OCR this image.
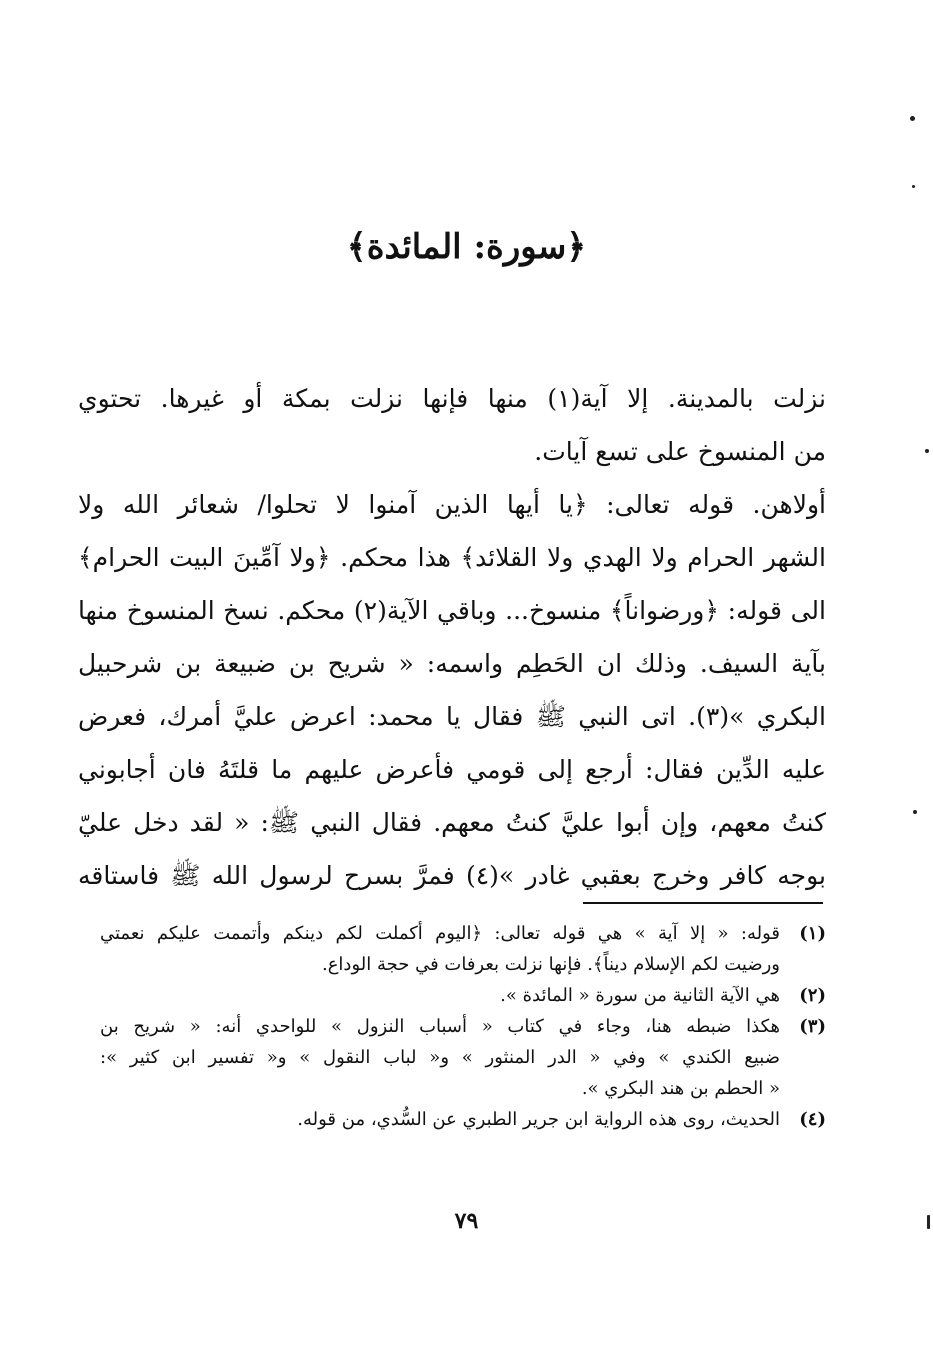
﴿سورة: المائدة﴾
نزلت بالمدينة. إلا آية(١) منها فإنها نزلت بمكة أو غيرها. تحتوي
من المنسوخ على تسع آيات.
أولاهن. قوله تعالى: ﴿يا أيها الذين آمنوا لا تحلوا/ شعائر الله ولا
الشهر الحرام ولا الهدي ولا القلائد﴾ هذا محكم. ﴿ولا آمِّينَ البيت الحرام﴾
الى قوله: ﴿ورضواناً﴾ منسوخ... وباقي الآية(٢) محكم. نسخ المنسوخ منها
بآية السيف. وذلك ان الحَطِم واسمه: « شريح بن ضبيعة بن شرحبيل
البكري »(٣). اتى النبي ﷺ فقال يا محمد: اعرض عليَّ أمرك، فعرض
عليه الدِّين فقال: أرجع إلى قومي فأعرض عليهم ما قلتَهُ فان أجابوني
كنتُ معهم، وإن أبوا عليَّ كنتُ معهم. فقال النبي ﷺ: « لقد دخل عليّ
بوجه كافر وخرج بعقبي غادر »(٤) فمرَّ بسرح لرسول الله ﷺ فاستاقه
(١)
قوله: « إلا آية » هي قوله تعالى: ﴿اليوم أكملت لكم دينكم وأتممت عليكم نعمتي
ورضيت لكم الإسلام ديناً﴾. فإنها نزلت بعرفات في حجة الوداع.
(٢)
هي الآية الثانية من سورة « المائدة ».
(٣)
هكذا ضبطه هنا، وجاء في كتاب « أسباب النزول » للواحدي أنه: « شريح بن
ضبيع الكندي » وفي « الدر المنثور » و« لباب النقول » و« تفسير ابن كثير »:
« الحطم بن هند البكري ».
(٤)
الحديث، روى هذه الرواية ابن جرير الطبري عن السُّدي، من قوله.
٧٩
